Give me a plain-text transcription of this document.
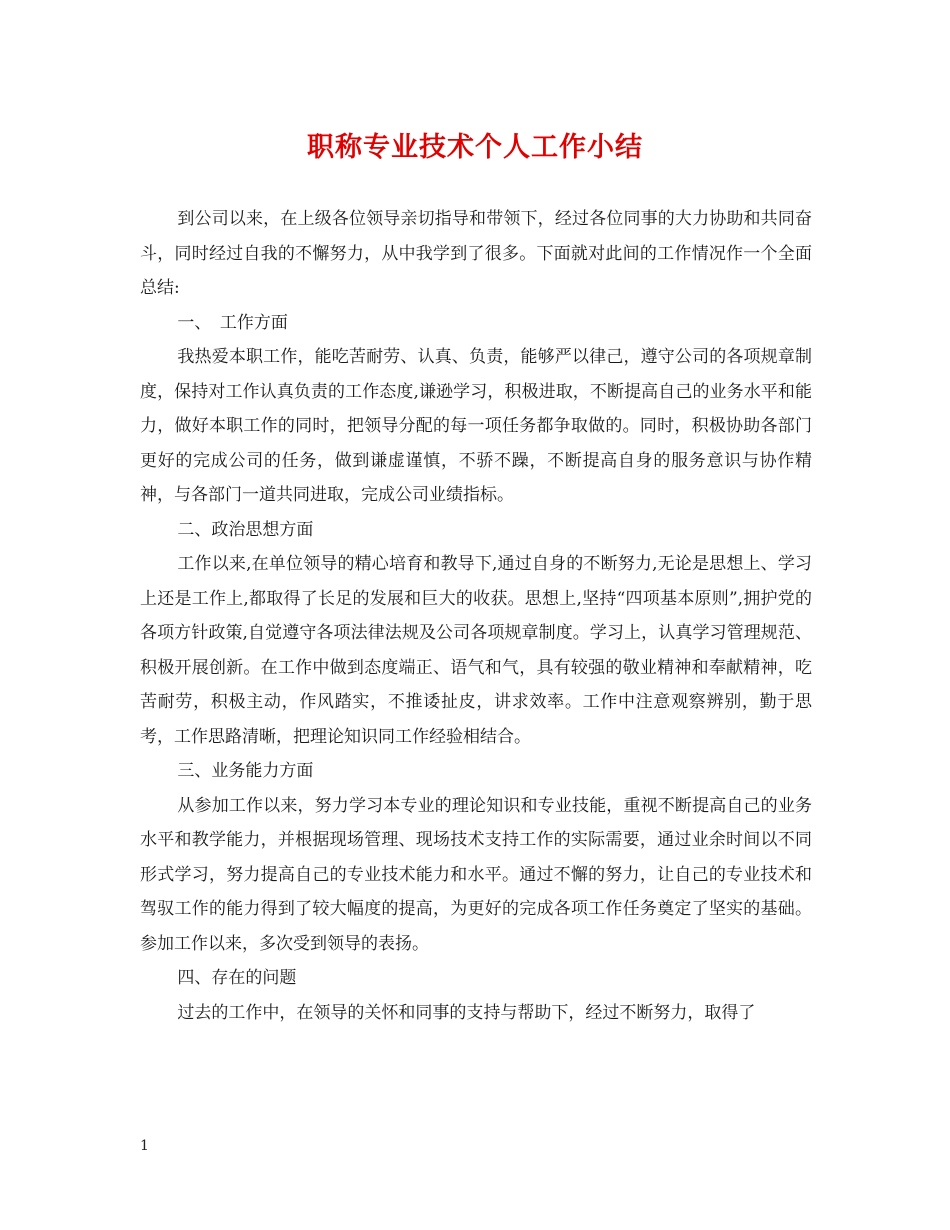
职称专业技术个人工作小结

到公司以来，在上级各位领导亲切指导和带领下，经过各位同事的大力协助和共同奋斗，同时经过自我的不懈努力，从中我学到了很多。下面就对此间的工作情况作一个全面总结:

一、　工作方面

我热爱本职工作，能吃苦耐劳、认真、负责，能够严以律己，遵守公司的各项规章制度，保持对工作认真负责的工作态度,谦逊学习，积极进取，不断提高自己的业务水平和能力，做好本职工作的同时，把领导分配的每一项任务都争取做的。同时，积极协助各部门更好的完成公司的任务，做到谦虚谨慎，不骄不躁，不断提高自身的服务意识与协作精神，与各部门一道共同进取，完成公司业绩指标。

二、政治思想方面

工作以来,在单位领导的精心培育和教导下,通过自身的不断努力,无论是思想上、学习上还是工作上,都取得了长足的发展和巨大的收获。思想上,坚持“四项基本原则”,拥护党的各项方针政策,自觉遵守各项法律法规及公司各项规章制度。学习上，认真学习管理规范、积极开展创新。在工作中做到态度端正、语气和气，具有较强的敬业精神和奉献精神，吃苦耐劳，积极主动，作风踏实，不推诿扯皮，讲求效率。工作中注意观察辨别，勤于思考，工作思路清晰，把理论知识同工作经验相结合。

三、业务能力方面

从参加工作以来，努力学习本专业的理论知识和专业技能，重视不断提高自己的业务水平和教学能力，并根据现场管理、现场技术支持工作的实际需要，通过业余时间以不同形式学习，努力提高自己的专业技术能力和水平。通过不懈的努力，让自己的专业技术和驾驭工作的能力得到了较大幅度的提高，为更好的完成各项工作任务奠定了坚实的基础。参加工作以来，多次受到领导的表扬。

四、存在的问题

过去的工作中，在领导的关怀和同事的支持与帮助下，经过不断努力，取得了

1
